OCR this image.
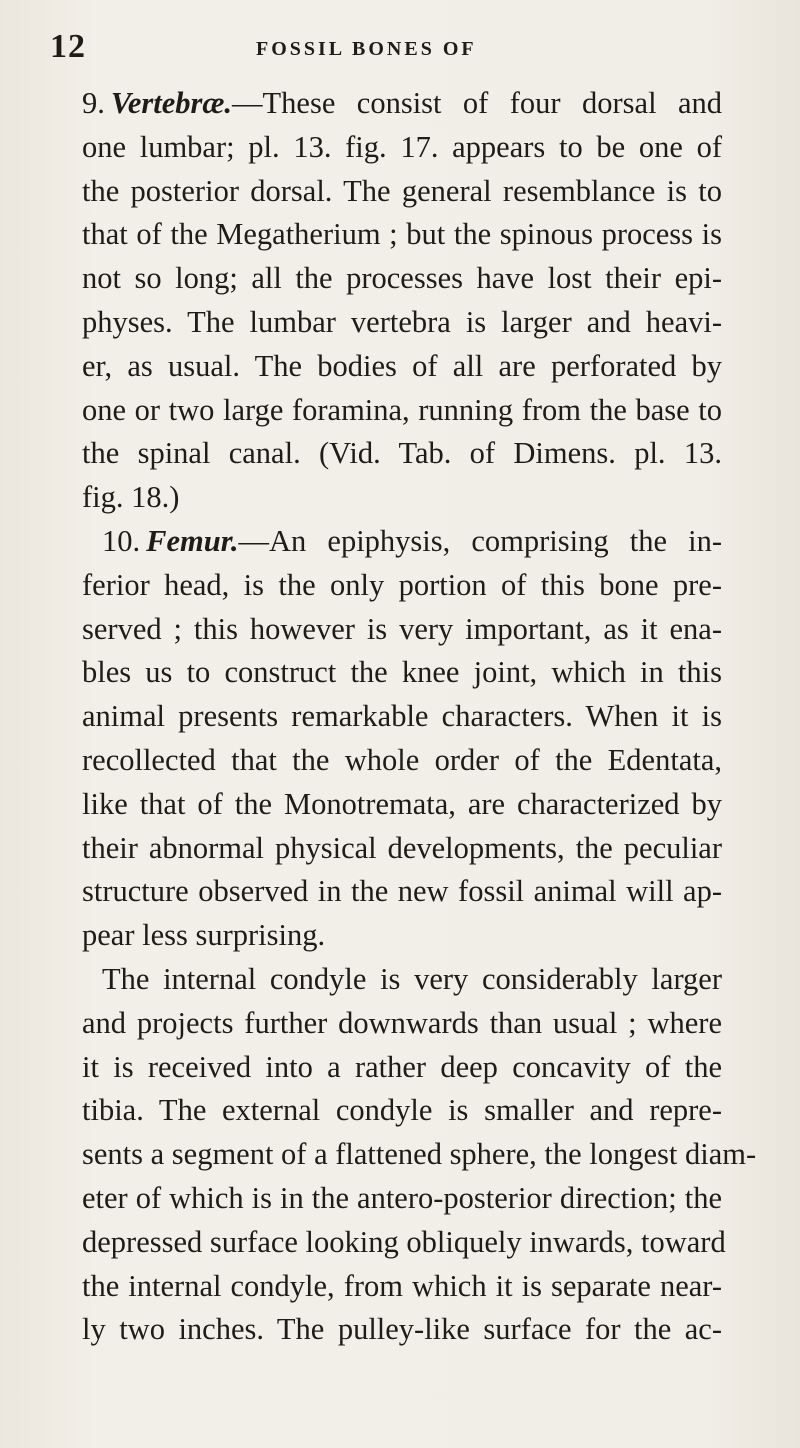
12	FOSSIL BONES OF
9. Vertebræ.—These consist of four dorsal and
one lumbar; pl. 13. fig. 17. appears to be one of
the posterior dorsal. The general resemblance is to
that of the Megatherium ; but the spinous process is
not so long; all the processes have lost their epi-
physes. The lumbar vertebra is larger and heavi-
er, as usual. The bodies of all are perforated by
one or two large foramina, running from the base to
the spinal canal. (Vid. Tab. of Dimens. pl. 13.
fig. 18.)
10. Femur.—An epiphysis, comprising the in-
ferior head, is the only portion of this bone pre-
served ; this however is very important, as it ena-
bles us to construct the knee joint, which in this
animal presents remarkable characters. When it is
recollected that the whole order of the Edentata,
like that of the Monotremata, are characterized by
their abnormal physical developments, the peculiar
structure observed in the new fossil animal will ap-
pear less surprising.
The internal condyle is very considerably larger
and projects further downwards than usual ; where
it is received into a rather deep concavity of the
tibia. The external condyle is smaller and repre-
sents a segment of a flattened sphere, the longest diam-
eter of which is in the antero-posterior direction; the
depressed surface looking obliquely inwards, toward
the internal condyle, from which it is separate near-
ly two inches. The pulley-like surface for the ac-
